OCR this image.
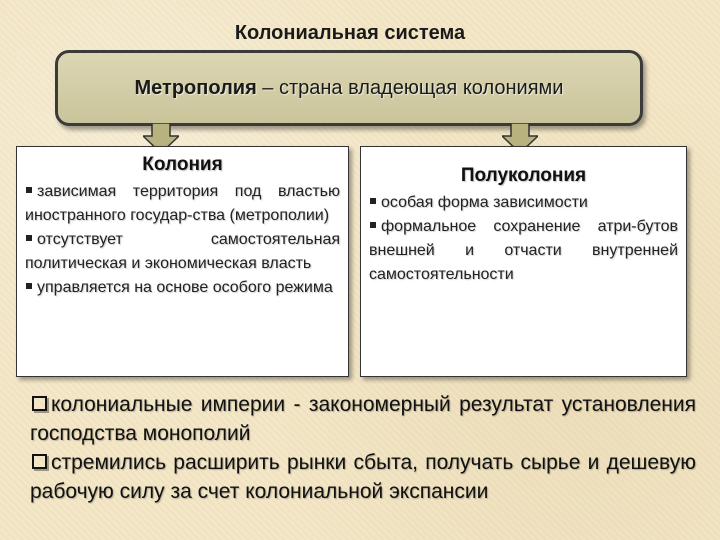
Колониальная система
Метрополия – страна владеющая колониями
Колония
зависимая территория под властью иностранного государ-ства (метрополии)
отсутствует самостоятельная политическая и экономическая власть
управляется на основе особого режима
Полуколония
особая форма зависимости
формальное сохранение атри-бутов внешней и отчасти внутренней самостоятельности
колониальные империи - закономерный результат установления господства монополий
стремились расширить рынки сбыта, получать сырье и дешевую рабочую силу за счет колониальной экспансии
